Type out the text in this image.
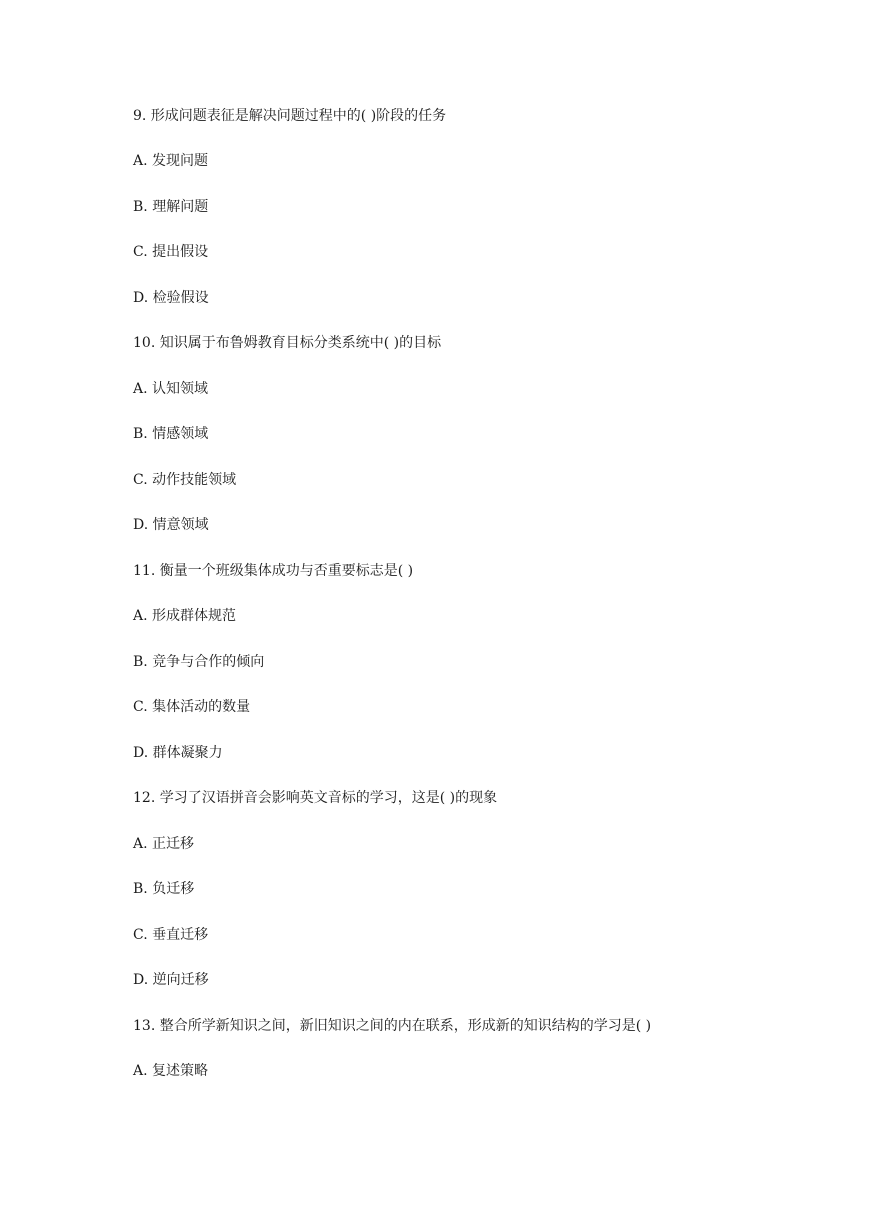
9. 形成问题表征是解决问题过程中的( )阶段的任务
A. 发现问题
B. 理解问题
C. 提出假设
D. 检验假设
10. 知识属于布鲁姆教育目标分类系统中( )的目标
A. 认知领域
B. 情感领域
C. 动作技能领域
D. 情意领域
11. 衡量一个班级集体成功与否重要标志是( )
A. 形成群体规范
B. 竞争与合作的倾向
C. 集体活动的数量
D. 群体凝聚力
12. 学习了汉语拼音会影响英文音标的学习，这是( )的现象
A. 正迁移
B. 负迁移
C. 垂直迁移
D. 逆向迁移
13. 整合所学新知识之间，新旧知识之间的内在联系，形成新的知识结构的学习是( )
A. 复述策略
